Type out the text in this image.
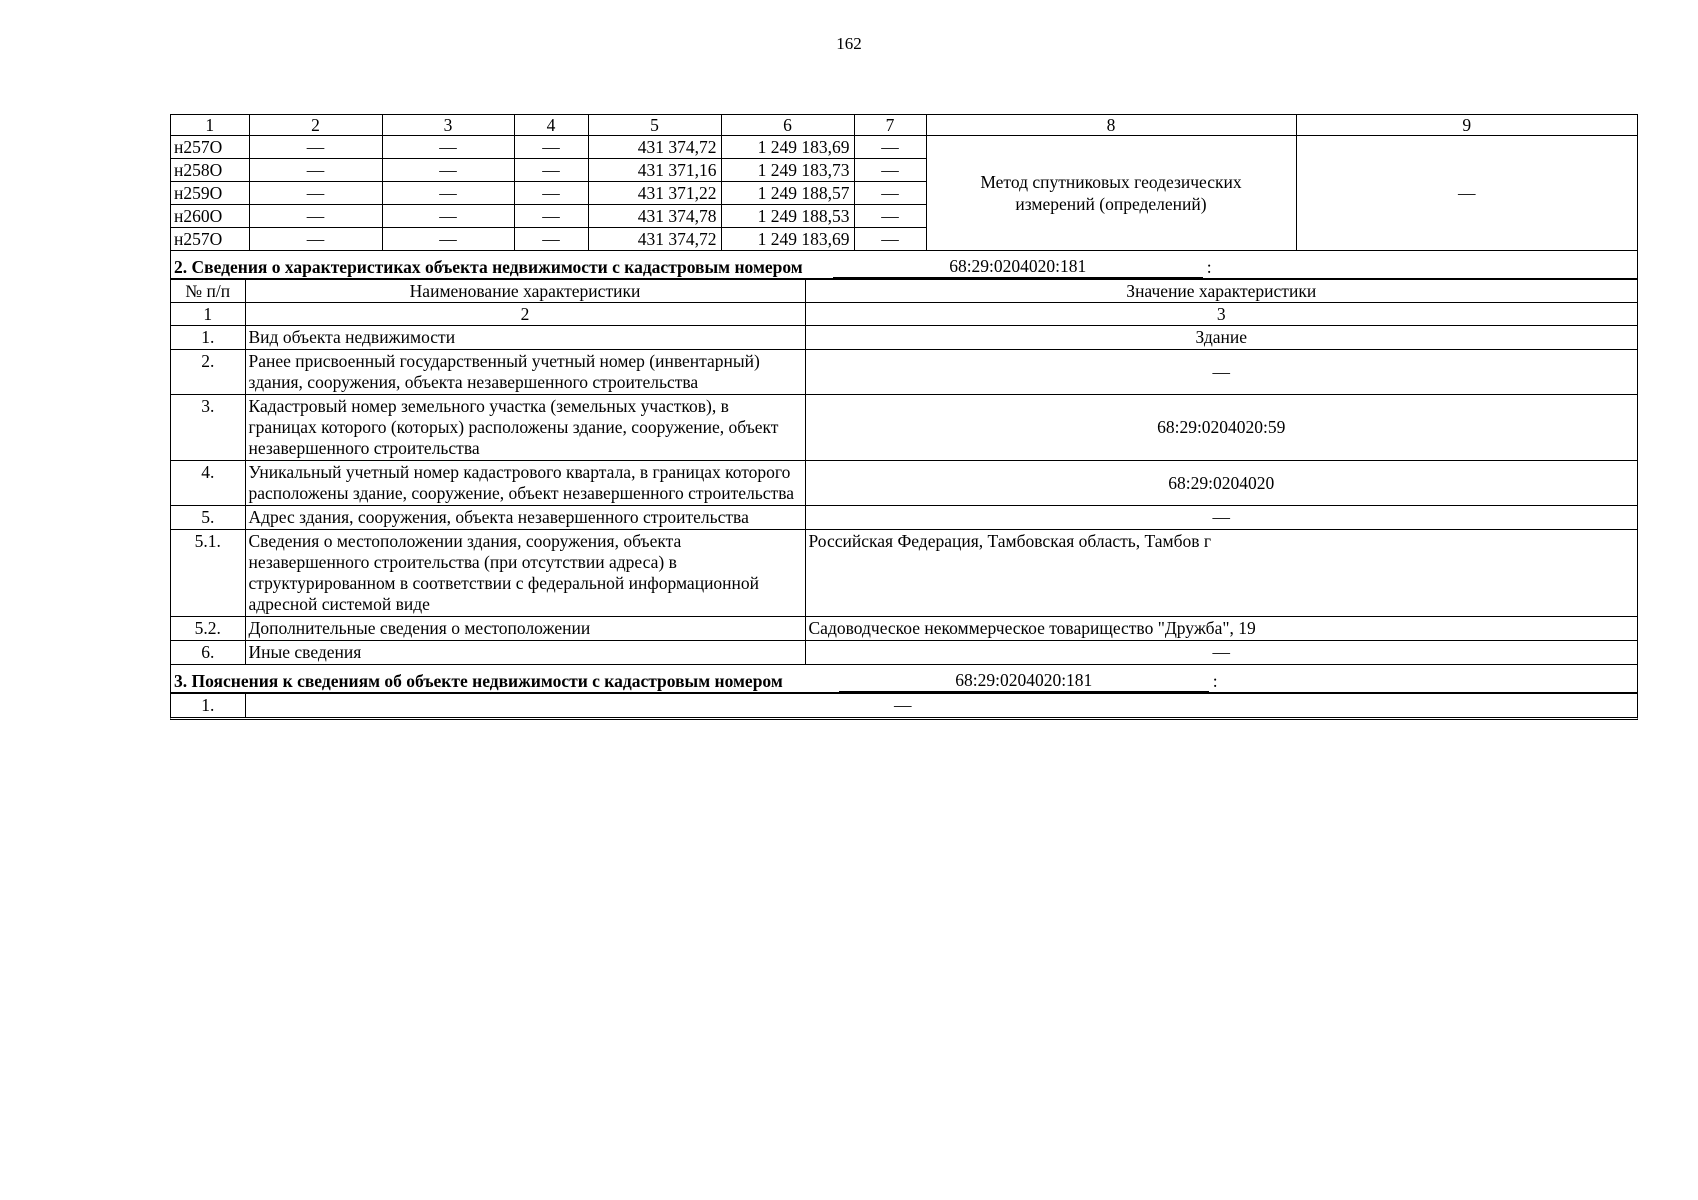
162
1	2	3	4	5	6	7	8	9
н257О	—	—	—	431 374,72	1 249 183,69	—	Метод спутниковых геодезических измерений (определений)	—
н258О	—	—	—	431 371,16	1 249 183,73	—		
н259О	—	—	—	431 371,22	1 249 188,57	—		
н260О	—	—	—	431 374,78	1 249 188,53	—		
н257О	—	—	—	431 374,72	1 249 183,69	—		
2. Сведения о характеристиках объекта недвижимости с кадастровым номером	68:29:0204020:181	:
№ п/п	Наименование характеристики	Значение характеристики
1	2	3
1.	Вид объекта недвижимости	Здание
2.	Ранее присвоенный государственный учетный номер (инвентарный) здания, сооружения, объекта незавершенного строительства	—
3.	Кадастровый номер земельного участка (земельных участков), в границах которого (которых) расположены здание, сооружение, объект незавершенного строительства	68:29:0204020:59
4.	Уникальный учетный номер кадастрового квартала, в границах которого расположены здание, сооружение, объект незавершенного строительства	68:29:0204020
5.	Адрес здания, сооружения, объекта незавершенного строительства	—
5.1.	Сведения о местоположении здания, сооружения, объекта незавершенного строительства (при отсутствии адреса) в структурированном в соответствии с федеральной информационной адресной системой виде	Российская Федерация, Тамбовская область, Тамбов г
5.2.	Дополнительные сведения о местоположении	Садоводческое некоммерческое товарищество "Дружба", 19
6.	Иные сведения	—
3. Пояснения к сведениям об объекте недвижимости с кадастровым номером	68:29:0204020:181	:
1.	—
